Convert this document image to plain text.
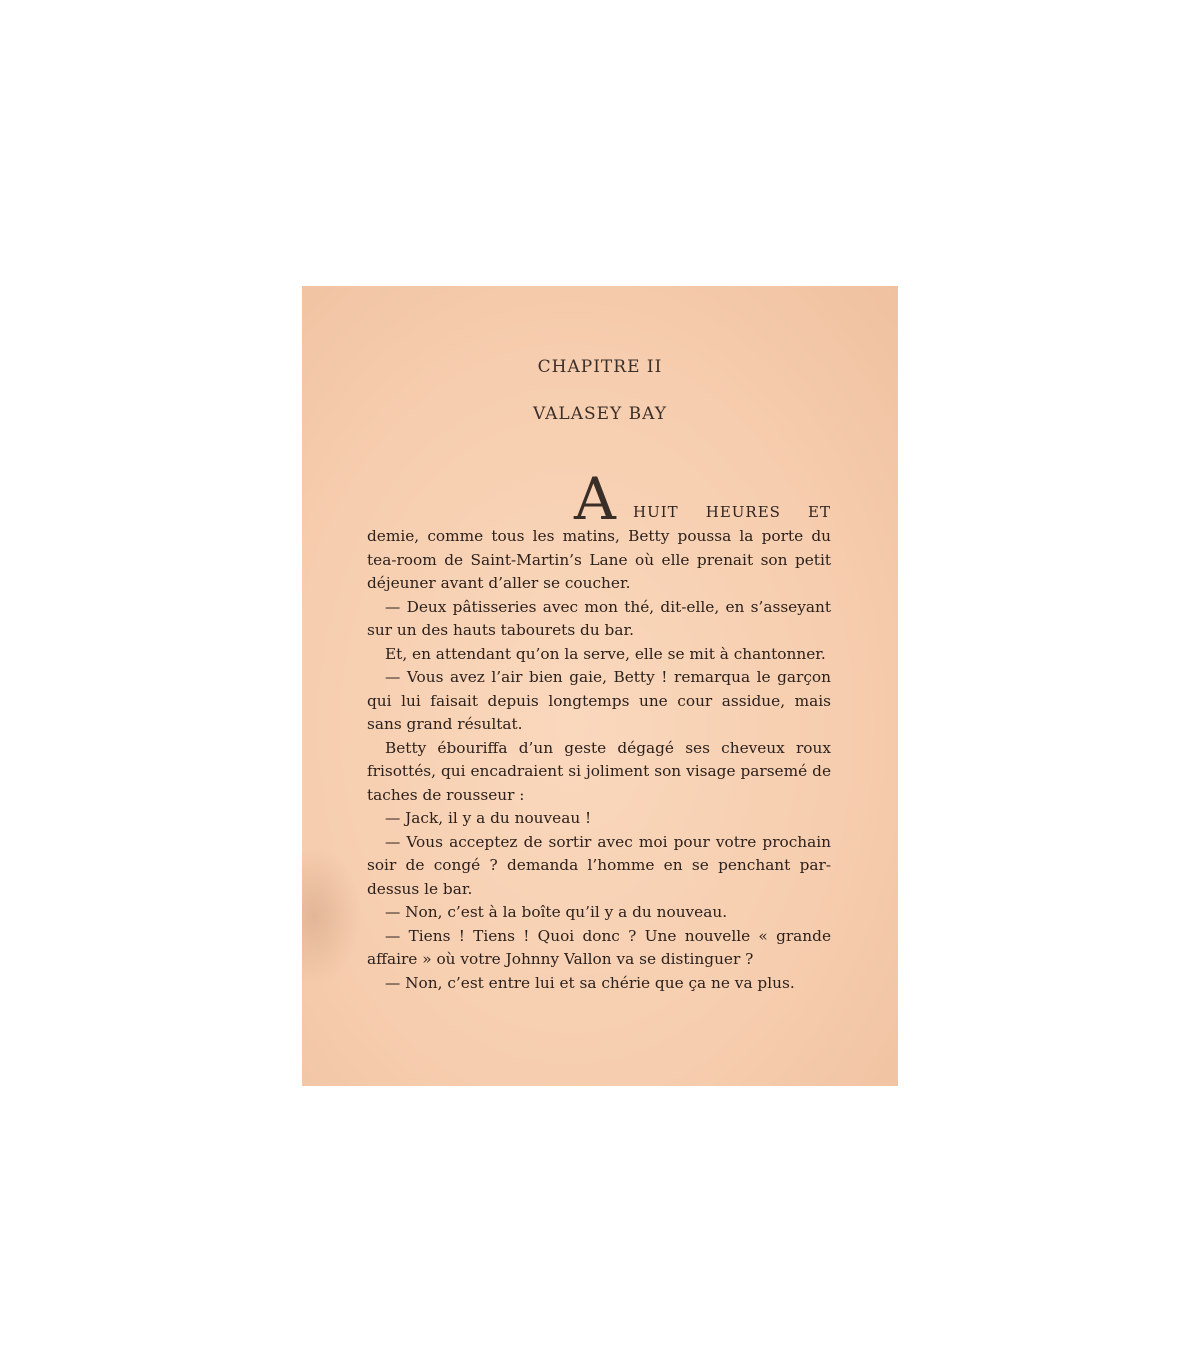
CHAPITRE II
VALASEY BAY
A HUIT HEURES ET

demie, comme tous les matins, Betty poussa la porte du tea-room de Saint-Martin’s Lane où elle prenait son petit déjeuner avant d’aller se coucher.

— Deux pâtisseries avec mon thé, dit-elle, en s’asseyant sur un des hauts tabourets du bar.

Et, en attendant qu’on la serve, elle se mit à chantonner.

— Vous avez l’air bien gaie, Betty ! remarqua le garçon qui lui faisait depuis longtemps une cour assidue, mais sans grand résultat.

Betty ébouriffa d’un geste dégagé ses cheveux roux frisottés, qui encadraient si joliment son visage parsemé de taches de rousseur :

— Jack, il y a du nouveau !

— Vous acceptez de sortir avec moi pour votre prochain soir de congé ? demanda l’homme en se penchant par-dessus le bar.

— Non, c’est à la boîte qu’il y a du nouveau.

— Tiens ! Tiens ! Quoi donc ? Une nouvelle « grande affaire » où votre Johnny Vallon va se distinguer ?

— Non, c’est entre lui et sa chérie que ça ne va plus.
